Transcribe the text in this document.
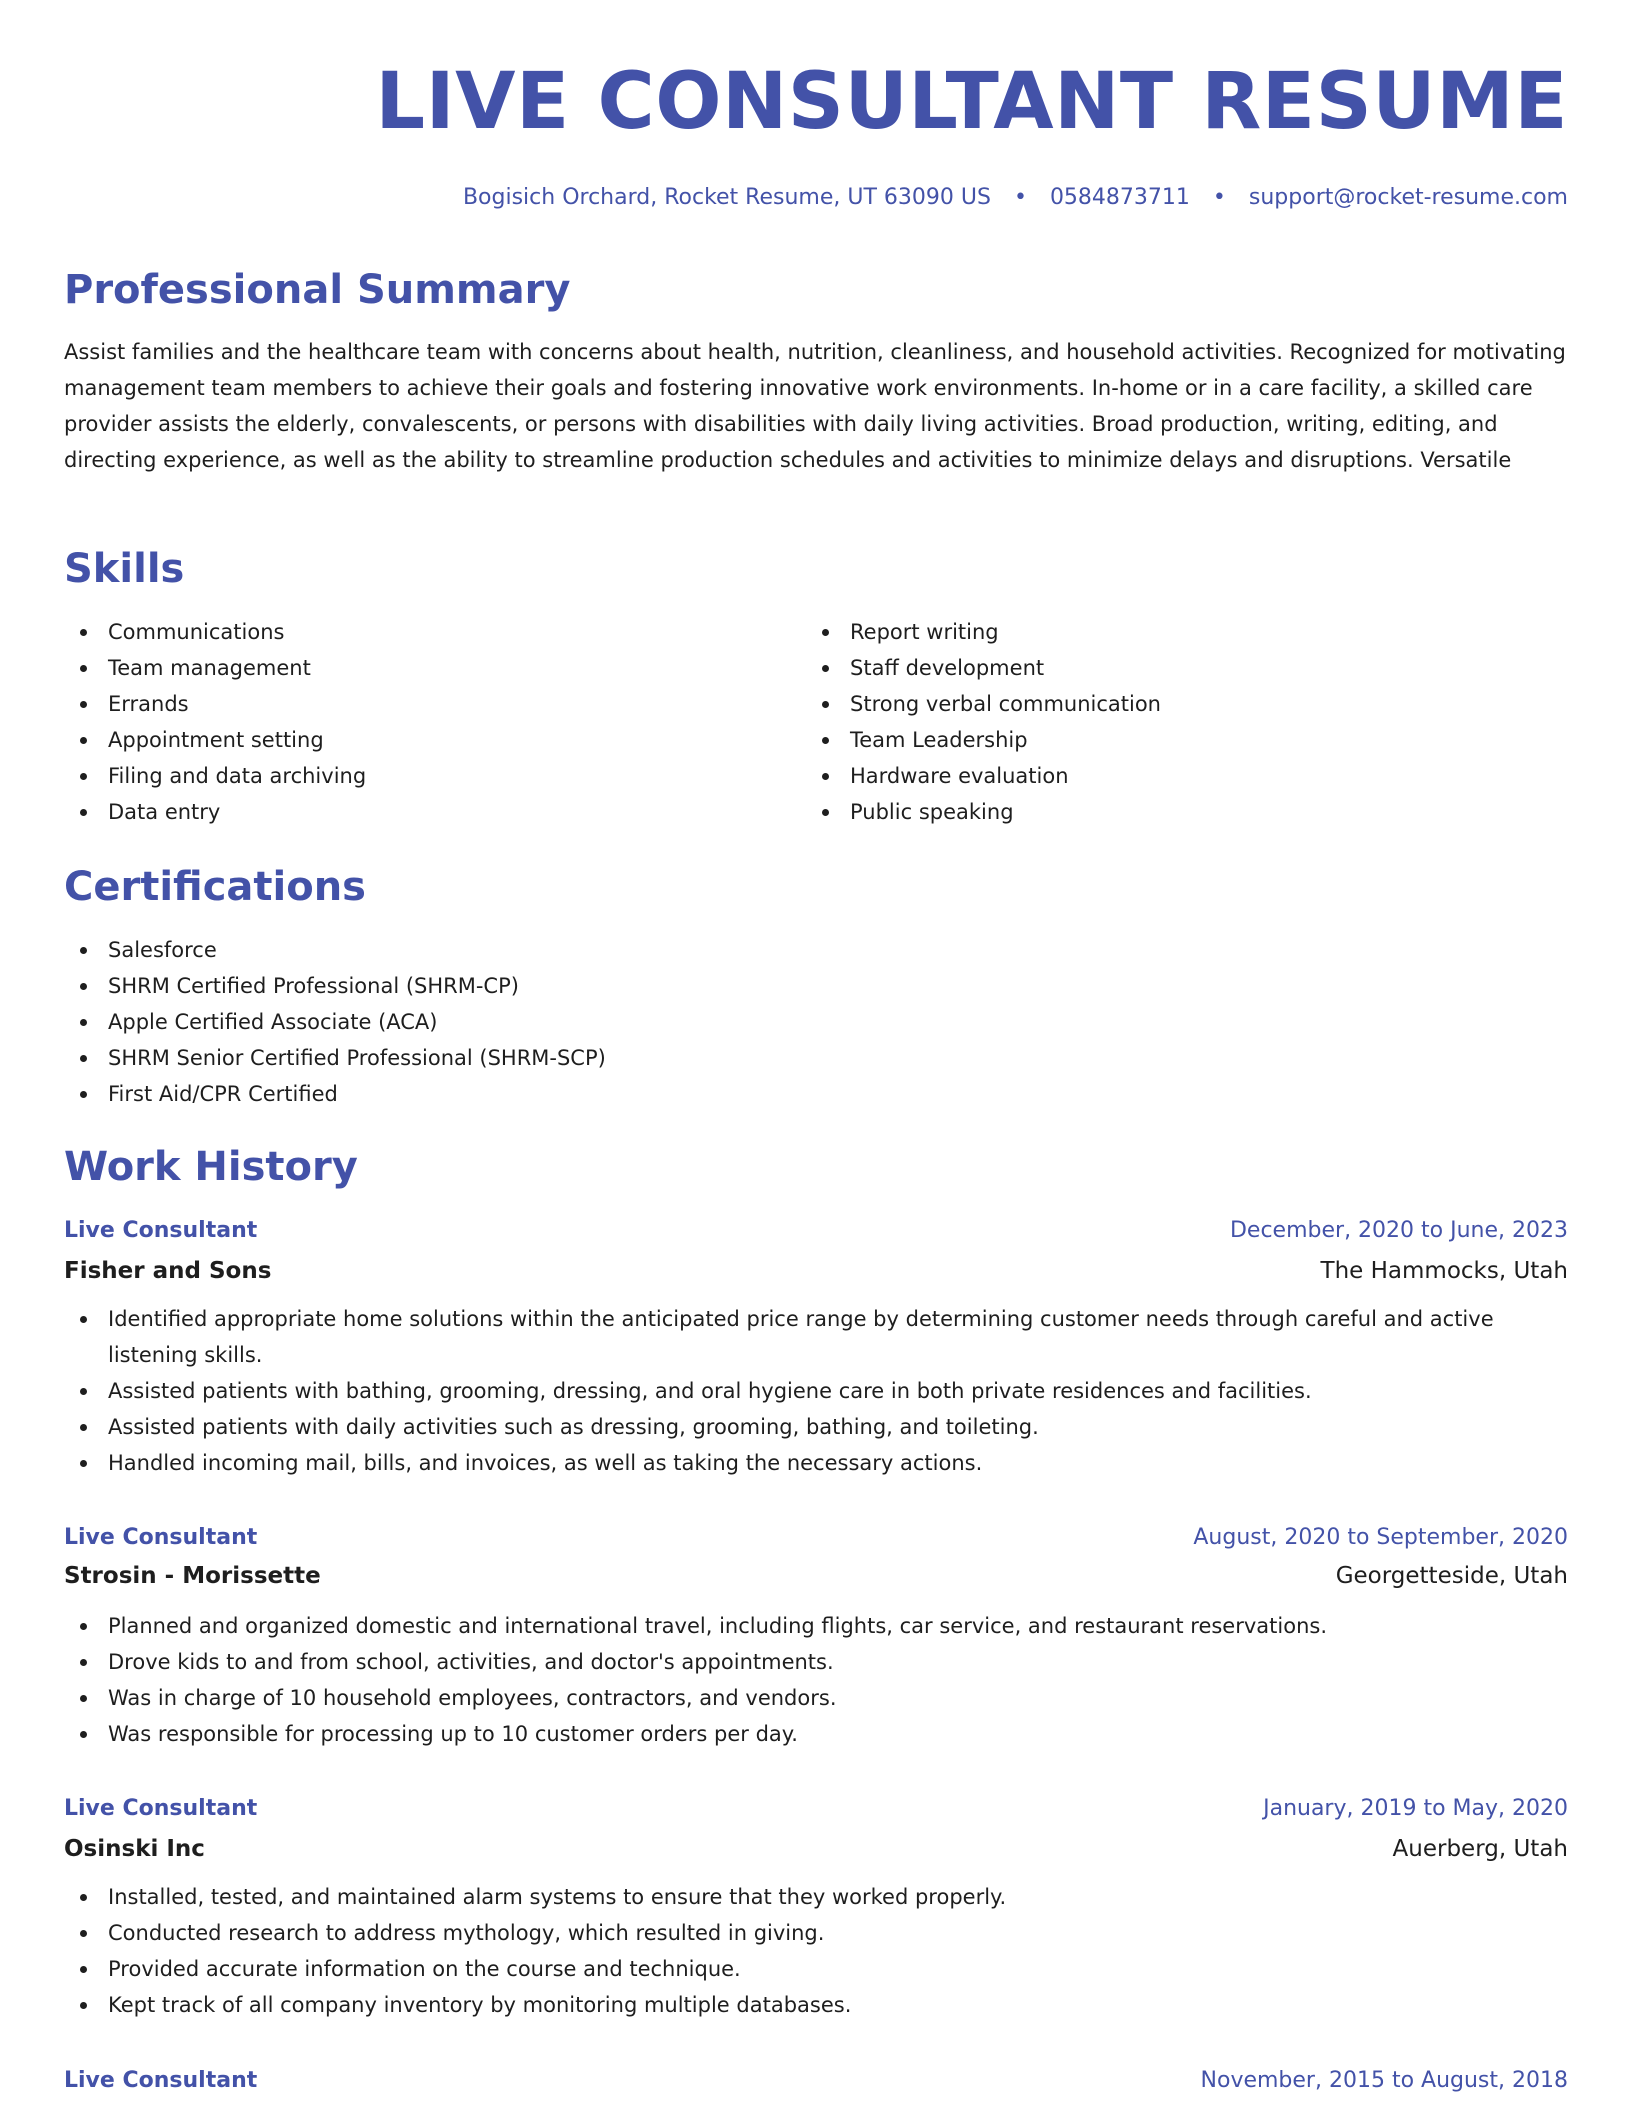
LIVE CONSULTANT RESUME
Bogisich Orchard, Rocket Resume, UT 63090 US • 0584873711 • support@rocket-resume.com
Professional Summary

Assist families and the healthcare team with concerns about health, nutrition, cleanliness, and household activities. Recognized for motivating management team members to achieve their goals and fostering innovative work environments. In-home or in a care facility, a skilled care provider assists the elderly, convalescents, or persons with disabilities with daily living activities. Broad production, writing, editing, and directing experience, as well as the ability to streamline production schedules and activities to minimize delays and disruptions. Versatile

Skills
Communications
Team management
Errands
Appointment setting
Filing and data archiving
Data entry
Report writing
Staff development
Strong verbal communication
Team Leadership
Hardware evaluation
Public speaking
Certifications
Salesforce
SHRM Certified Professional (SHRM-CP)
Apple Certified Associate (ACA)
SHRM Senior Certified Professional (SHRM-SCP)
First Aid/CPR Certified
Work History
Live Consultant	December, 2020 to June, 2023
Fisher and Sons	The Hammocks, Utah
Identified appropriate home solutions within the anticipated price range by determining customer needs through careful and active listening skills.
Assisted patients with bathing, grooming, dressing, and oral hygiene care in both private residences and facilities.
Assisted patients with daily activities such as dressing, grooming, bathing, and toileting.
Handled incoming mail, bills, and invoices, as well as taking the necessary actions.
Live Consultant	August, 2020 to September, 2020
Strosin - Morissette	Georgetteside, Utah
Planned and organized domestic and international travel, including flights, car service, and restaurant reservations.
Drove kids to and from school, activities, and doctor's appointments.
Was in charge of 10 household employees, contractors, and vendors.
Was responsible for processing up to 10 customer orders per day.
Live Consultant	January, 2019 to May, 2020
Osinski Inc	Auerberg, Utah
Installed, tested, and maintained alarm systems to ensure that they worked properly.
Conducted research to address mythology, which resulted in giving.
Provided accurate information on the course and technique.
Kept track of all company inventory by monitoring multiple databases.
Live Consultant	November, 2015 to August, 2018
